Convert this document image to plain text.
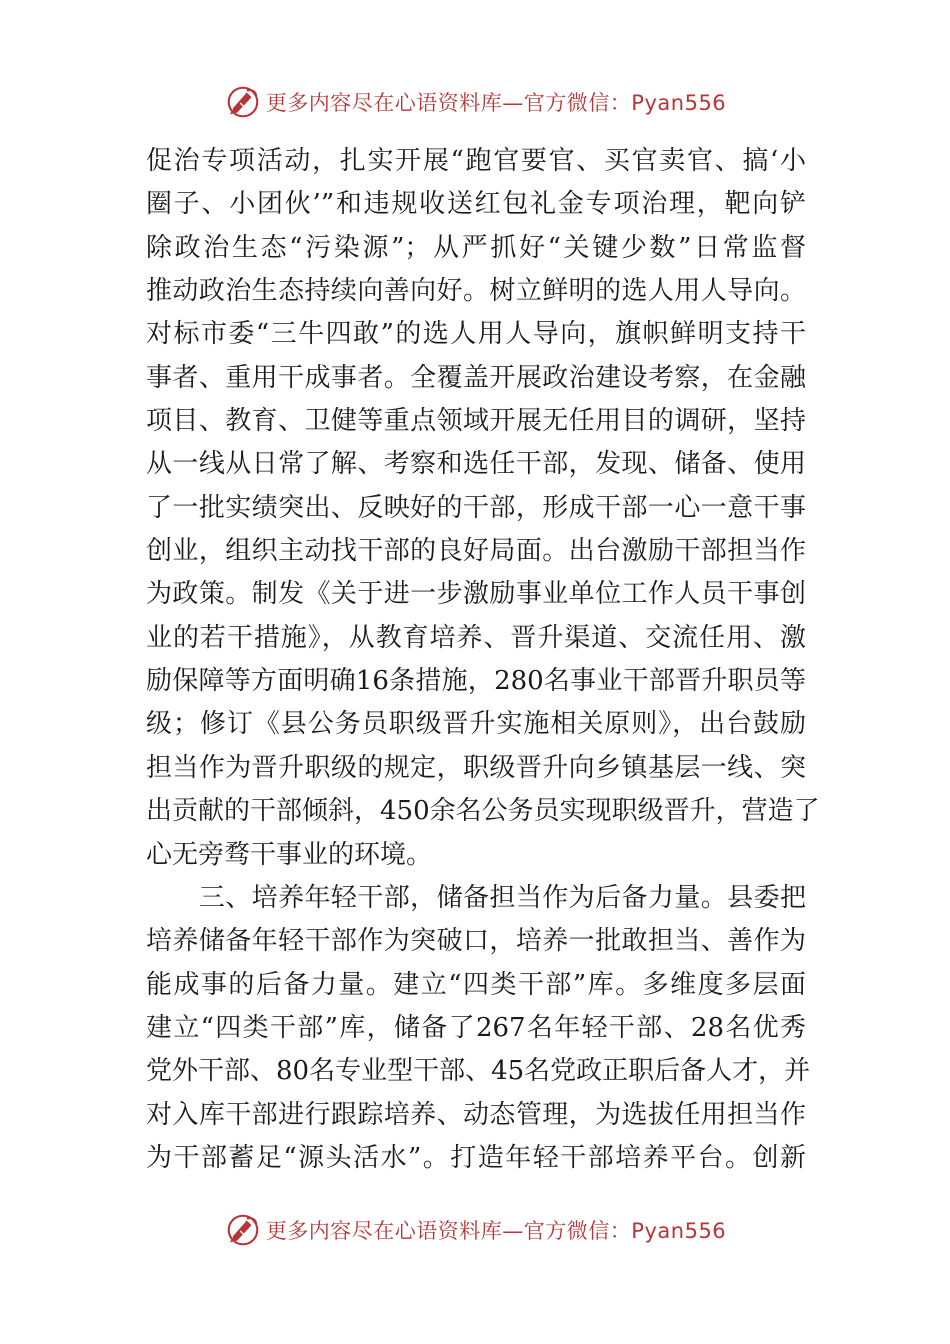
更多内容尽在心语资料库—官方微信：Pyan556
促治专项活动，扎实开展“跑官要官、买官卖官、搞‘小
圈子、小团伙’”和违规收送红包礼金专项治理，靶向铲
除政治生态“污染源”；从严抓好“关键少数”日常监督
推动政治生态持续向善向好。树立鲜明的选人用人导向。
对标市委“三牛四敢”的选人用人导向，旗帜鲜明支持干
事者、重用干成事者。全覆盖开展政治建设考察，在金融
项目、教育、卫健等重点领域开展无任用目的调研，坚持
从一线从日常了解、考察和选任干部，发现、储备、使用
了一批实绩突出、反映好的干部，形成干部一心一意干事
创业，组织主动找干部的良好局面。出台激励干部担当作
为政策。制发《关于进一步激励事业单位工作人员干事创
业的若干措施》，从教育培养、晋升渠道、交流任用、激
励保障等方面明确16条措施，280名事业干部晋升职员等
级；修订《县公务员职级晋升实施相关原则》，出台鼓励
担当作为晋升职级的规定，职级晋升向乡镇基层一线、突
出贡献的干部倾斜，450余名公务员实现职级晋升，营造了
心无旁骛干事业的环境。
　　三、培养年轻干部，储备担当作为后备力量。县委把
培养储备年轻干部作为突破口，培养一批敢担当、善作为
能成事的后备力量。建立“四类干部”库。多维度多层面
建立“四类干部”库，储备了267名年轻干部、28名优秀
党外干部、80名专业型干部、45名党政正职后备人才，并
对入库干部进行跟踪培养、动态管理，为选拔任用担当作
为干部蓄足“源头活水”。打造年轻干部培养平台。创新
更多内容尽在心语资料库—官方微信：Pyan556
